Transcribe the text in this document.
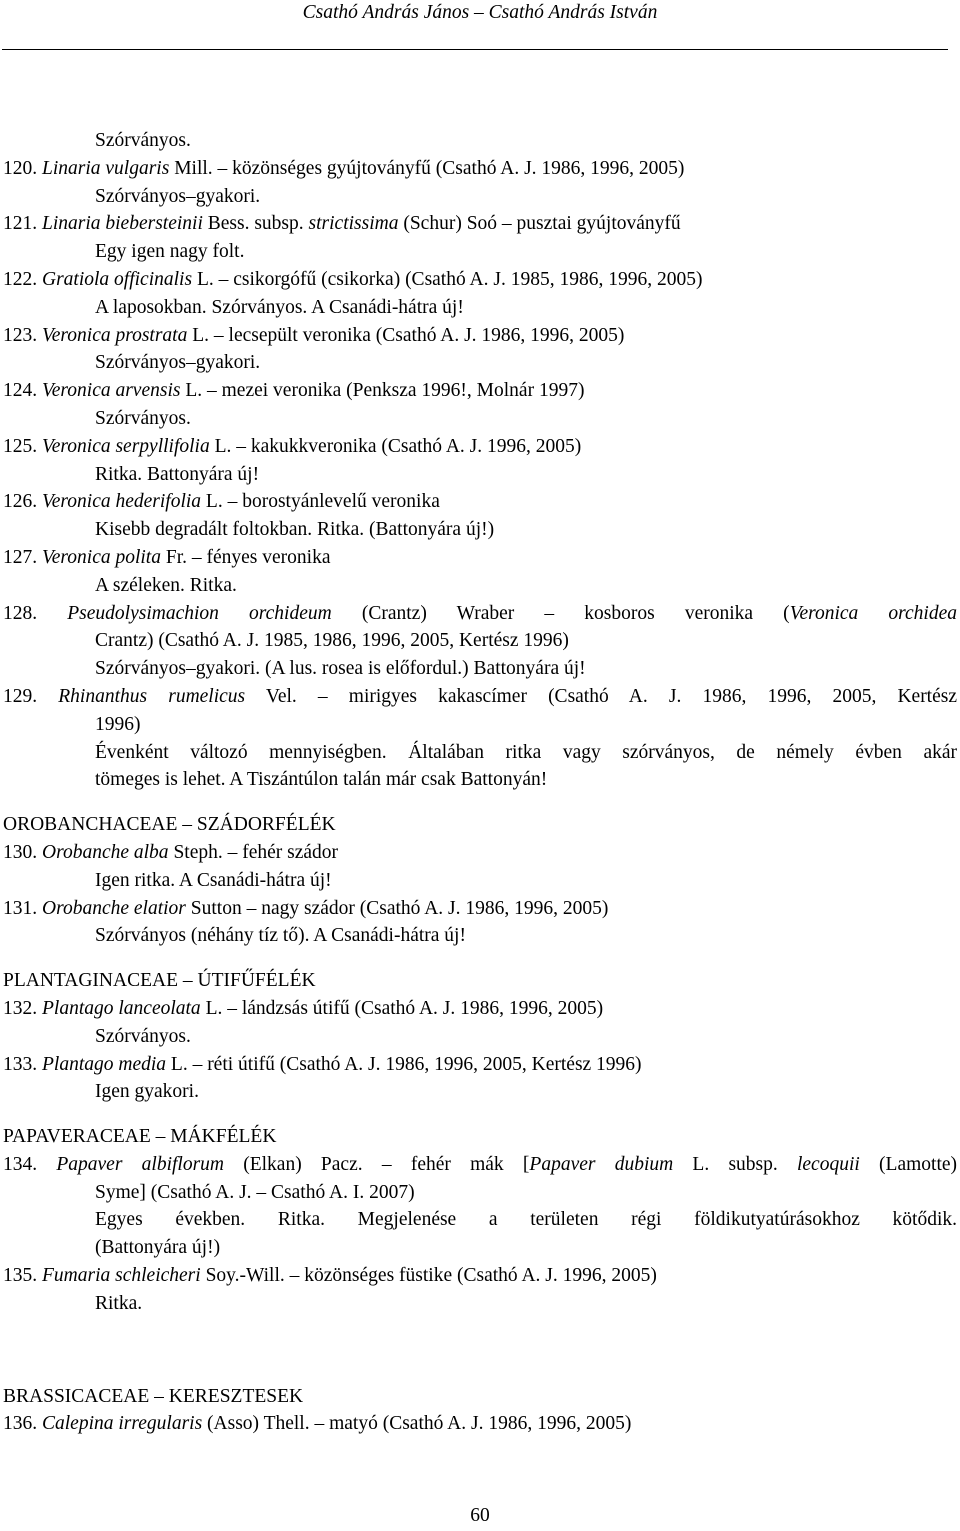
Csathó András János – Csathó András István
Szórványos.
120. Linaria vulgaris Mill. – közönséges gyújtoványfű (Csathó A. J. 1986, 1996, 2005)
Szórványos–gyakori.
121. Linaria biebersteinii Bess. subsp. strictissima (Schur) Soó – pusztai gyújtoványfű
Egy igen nagy folt.
122. Gratiola officinalis L. – csikorgófű (csikorka) (Csathó A. J. 1985, 1986, 1996, 2005)
A laposokban. Szórványos. A Csanádi-hátra új!
123. Veronica prostrata L. – lecsepült veronika (Csathó A. J. 1986, 1996, 2005)
Szórványos–gyakori.
124. Veronica arvensis L. – mezei veronika (Penksza 1996!, Molnár 1997)
Szórványos.
125. Veronica serpyllifolia L. – kakukkveronika (Csathó A. J. 1996, 2005)
Ritka. Battonyára új!
126. Veronica hederifolia L. – borostyánlevelű veronika
Kisebb degradált foltokban. Ritka. (Battonyára új!)
127. Veronica polita Fr. – fényes veronika
A széleken. Ritka.
128. Pseudolysimachion orchideum (Crantz) Wraber – kosboros veronika (Veronica orchidea
Crantz) (Csathó A. J. 1985, 1986, 1996, 2005, Kertész 1996)
Szórványos–gyakori. (A lus. rosea is előfordul.) Battonyára új!
129. Rhinanthus rumelicus Vel. – mirigyes kakascímer (Csathó A. J. 1986, 1996, 2005, Kertész
1996)
Évenként változó mennyiségben. Általában ritka vagy szórványos, de némely évben akár
tömeges is lehet. A Tiszántúlon talán már csak Battonyán!
OROBANCHACEAE – SZÁDORFÉLÉK
130. Orobanche alba Steph. – fehér szádor
Igen ritka. A Csanádi-hátra új!
131. Orobanche elatior Sutton – nagy szádor (Csathó A. J. 1986, 1996, 2005)
Szórványos (néhány tíz tő). A Csanádi-hátra új!
PLANTAGINACEAE – ÚTIFŰFÉLÉK
132. Plantago lanceolata L. – lándzsás útifű (Csathó A. J. 1986, 1996, 2005)
Szórványos.
133. Plantago media L. – réti útifű (Csathó A. J. 1986, 1996, 2005, Kertész 1996)
Igen gyakori.
PAPAVERACEAE – MÁKFÉLÉK
134. Papaver albiflorum (Elkan) Pacz. – fehér mák [Papaver dubium L. subsp. lecoquii (Lamotte)
Syme] (Csathó A. J. – Csathó A. I. 2007)
Egyes években. Ritka. Megjelenése a területen régi földikutyatúrásokhoz kötődik.
(Battonyára új!)
135. Fumaria schleicheri Soy.-Will. – közönséges füstike (Csathó A. J. 1996, 2005)
Ritka.
BRASSICACEAE – KERESZTESEK
136. Calepina irregularis (Asso) Thell. – matyó (Csathó A. J. 1986, 1996, 2005)
60
